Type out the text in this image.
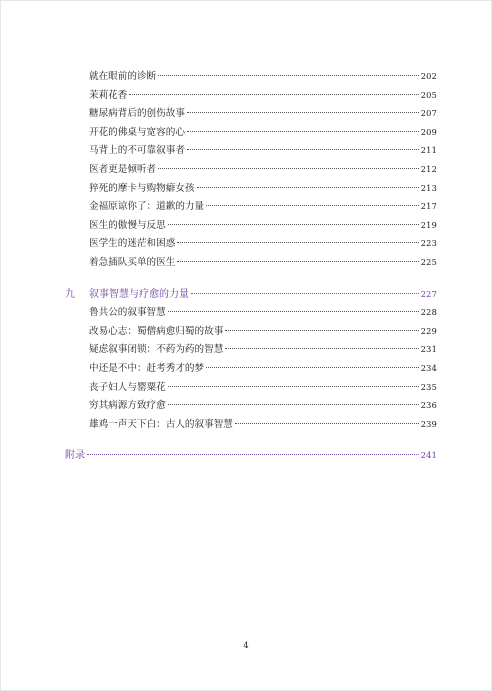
就在眼前的诊断	202
茉莉花香	205
糖尿病背后的创伤故事	207
开花的佛桌与宽容的心	209
马背上的不可靠叙事者	211
医者更是倾听者	212
猝死的摩卡与购物癖女孩	213
金福原谅你了：道歉的力量	217
医生的傲慢与反思	219
医学生的迷茫和困惑	223
着急插队买单的医生	225
九 叙事智慧与疗愈的力量	227
鲁共公的叙事智慧	228
改易心志：蜀僧病愈归蜀的故事	229
疑虑叙事闭锁：不药为药的智慧	231
中还是不中：赶考秀才的梦	234
丧子妇人与罂粟花	235
穷其病源方致疗愈	236
雄鸡一声天下白：古人的叙事智慧	239
附录	241
4
